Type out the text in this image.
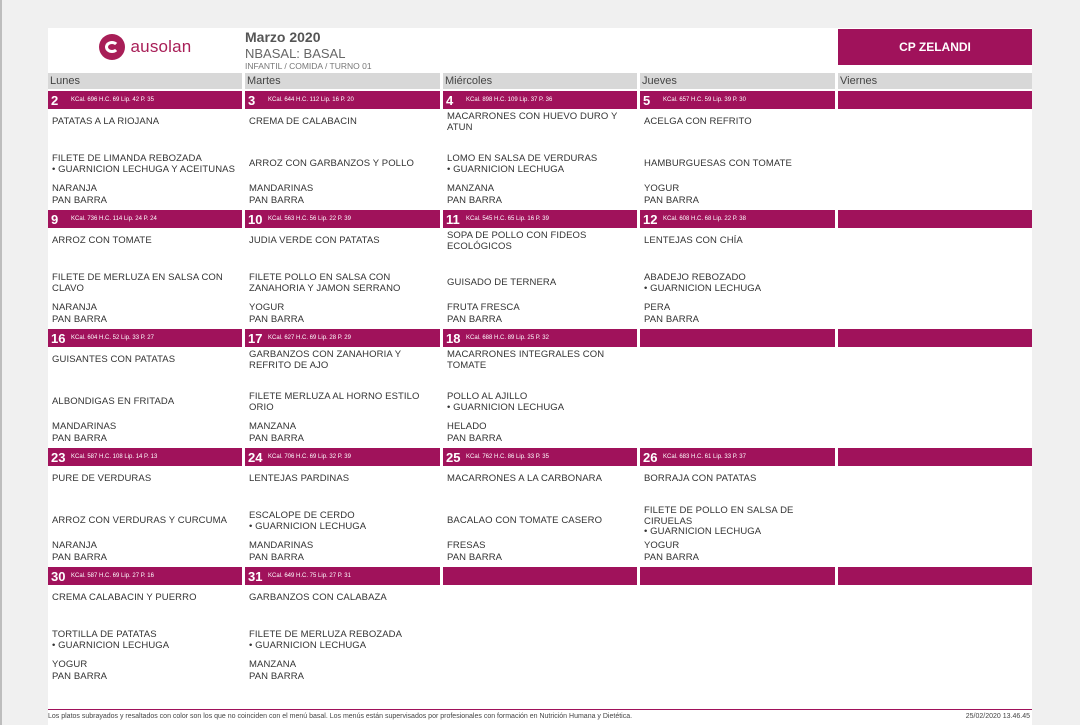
ausolan	Marzo 2020
NBASAL: BASAL
INFANTIL / COMIDA / TURNO 01
CP ZELANDI
Lunes	Martes	Miércoles	Jueves	Viernes
2	KCal. 696 H.C. 69 Lip. 42 P. 35
PATATAS A LA RIOJANA
FILETE DE LIMANDA REBOZADA
• GUARNICION LECHUGA Y ACEITUNAS
NARANJA
PAN BARRA
3	KCal. 644 H.C. 112 Lip. 16 P. 20
CREMA DE CALABACIN
ARROZ CON GARBANZOS Y POLLO
MANDARINAS
PAN BARRA
4	KCal. 898 H.C. 109 Lip. 37 P. 36
MACARRONES CON HUEVO DURO Y ATUN
LOMO EN SALSA DE VERDURAS
• GUARNICION LECHUGA
MANZANA
PAN BARRA
5	KCal. 657 H.C. 59 Lip. 39 P. 30
ACELGA CON REFRITO
HAMBURGUESAS CON TOMATE
YOGUR
PAN BARRA
9	KCal. 736 H.C. 114 Lip. 24 P. 24
ARROZ CON TOMATE
FILETE DE MERLUZA EN SALSA CON CLAVO
NARANJA
PAN BARRA
10 KCal. 563 H.C. 56 Lip. 22 P. 39
JUDIA VERDE CON PATATAS
FILETE POLLO EN SALSA CON ZANAHORIA Y JAMON SERRANO
YOGUR
PAN BARRA
11	KCal. 545 H.C. 65 Lip. 16 P. 39
SOPA DE POLLO CON FIDEOS ECOLÓGICOS
GUISADO DE TERNERA
FRUTA FRESCA
PAN BARRA
12 KCal. 608 H.C. 68 Lip. 22 P. 38
LENTEJAS CON CHÍA
ABADEJO REBOZADO
• GUARNICION LECHUGA
PERA
PAN BARRA
16 KCal. 604 H.C. 52 Lip. 33 P. 27
GUISANTES CON PATATAS
ALBONDIGAS EN FRITADA
MANDARINAS
PAN BARRA
17 KCal. 627 H.C. 69 Lip. 28 P. 29
GARBANZOS CON ZANAHORIA Y REFRITO DE AJO
FILETE MERLUZA AL HORNO ESTILO ORIO
MANZANA
PAN BARRA
18 KCal. 688 H.C. 89 Lip. 25 P. 32
MACARRONES INTEGRALES CON TOMATE
POLLO AL AJILLO
• GUARNICION LECHUGA
HELADO
PAN BARRA
23 KCal. 587 H.C. 108 Lip. 14 P. 13
PURE DE VERDURAS
ARROZ CON VERDURAS Y CURCUMA
NARANJA
PAN BARRA
24 KCal. 706 H.C. 69 Lip. 32 P. 39
LENTEJAS PARDINAS
ESCALOPE DE CERDO
• GUARNICION LECHUGA
MANDARINAS
PAN BARRA
25 KCal. 762 H.C. 86 Lip. 33 P. 35
MACARRONES A LA CARBONARA
BACALAO CON TOMATE CASERO
FRESAS
PAN BARRA
26 KCal. 683 H.C. 61 Lip. 33 P. 37
BORRAJA CON PATATAS
FILETE DE POLLO EN SALSA DE CIRUELAS
• GUARNICION LECHUGA
YOGUR
PAN BARRA
30 KCal. 587 H.C. 69 Lip. 27 P. 16
CREMA CALABACIN Y PUERRO
TORTILLA DE PATATAS
• GUARNICION LECHUGA
YOGUR
PAN BARRA
31 KCal. 649 H.C. 75 Lip. 27 P. 31
GARBANZOS CON CALABAZA
FILETE DE MERLUZA REBOZADA
• GUARNICION LECHUGA
MANZANA
PAN BARRA
Los platos subrayados y resaltados con color son los que no coinciden con el menú basal. Los menús están supervisados por profesionales con formación en Nutrición Humana y Dietética.	25/02/2020 13.46.45
